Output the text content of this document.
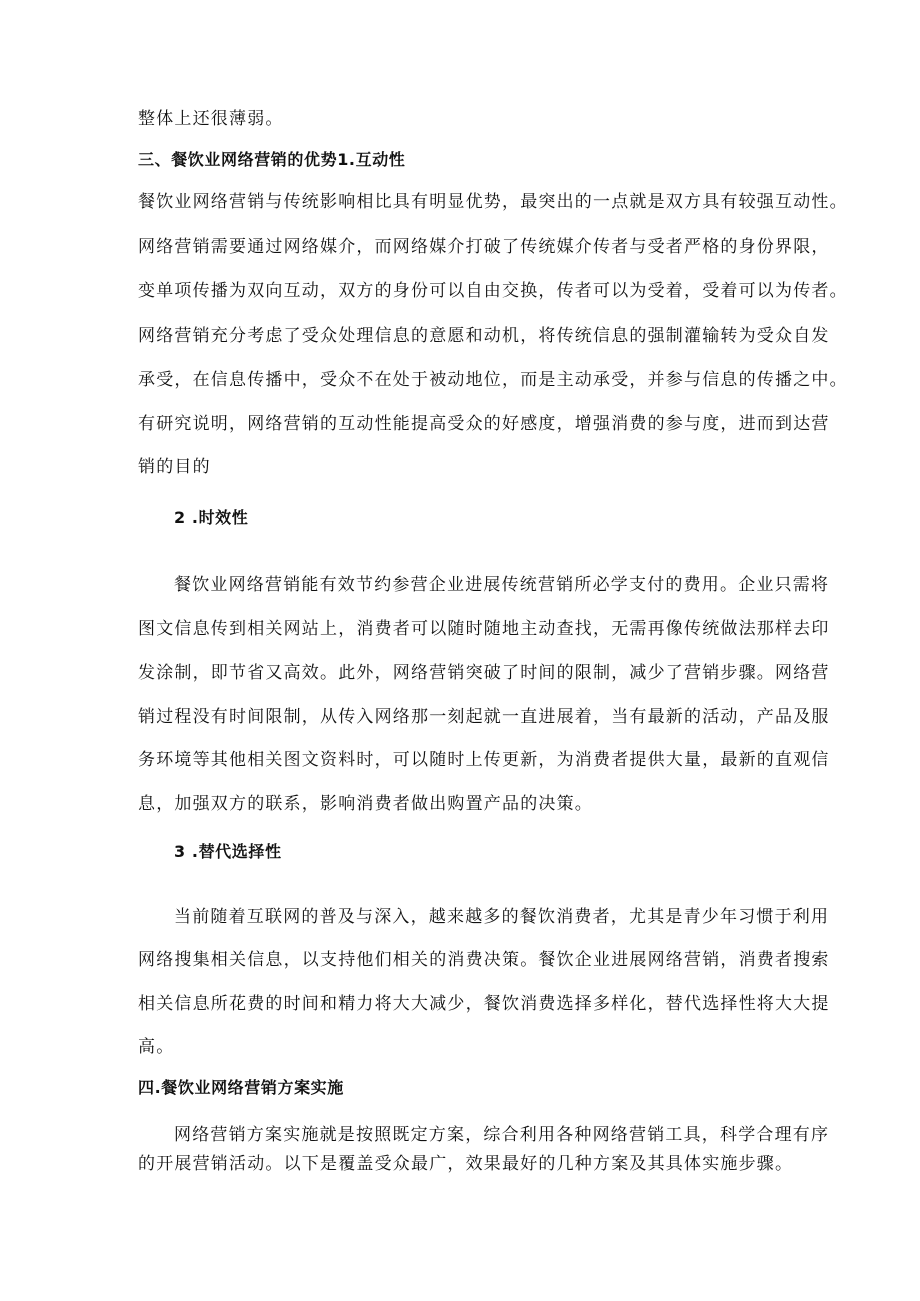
整体上还很薄弱。
三、餐饮业网络营销的优势1.互动性
餐饮业网络营销与传统影响相比具有明显优势，最突出的一点就是双方具有较强互动性。
网络营销需要通过网络媒介，而网络媒介打破了传统媒介传者与受者严格的身份界限，
变单项传播为双向互动，双方的身份可以自由交换，传者可以为受着，受着可以为传者。
网络营销充分考虑了受众处理信息的意愿和动机，将传统信息的强制灌输转为受众自发
承受，在信息传播中，受众不在处于被动地位，而是主动承受，并参与信息的传播之中。
有研究说明，网络营销的互动性能提高受众的好感度，增强消费的参与度，进而到达营
销的目的
2 .时效性
餐饮业网络营销能有效节约参营企业进展传统营销所必学支付的费用。企业只需将
图文信息传到相关网站上，消费者可以随时随地主动查找，无需再像传统做法那样去印
发涂制，即节省又高效。此外，网络营销突破了时间的限制，减少了营销步骤。网络营
销过程没有时间限制，从传入网络那一刻起就一直进展着，当有最新的活动，产品及服
务环境等其他相关图文资料时，可以随时上传更新，为消费者提供大量，最新的直观信
息，加强双方的联系，影响消费者做出购置产品的决策。
3 .替代选择性
当前随着互联网的普及与深入，越来越多的餐饮消费者，尤其是青少年习惯于利用
网络搜集相关信息，以支持他们相关的消费决策。餐饮企业进展网络营销，消费者搜索
相关信息所花费的时间和精力将大大减少，餐饮消费选择多样化，替代选择性将大大提
高。
四.餐饮业网络营销方案实施
网络营销方案实施就是按照既定方案，综合利用各种网络营销工具，科学合理有序
的开展营销活动。以下是覆盖受众最广，效果最好的几种方案及其具体实施步骤。
